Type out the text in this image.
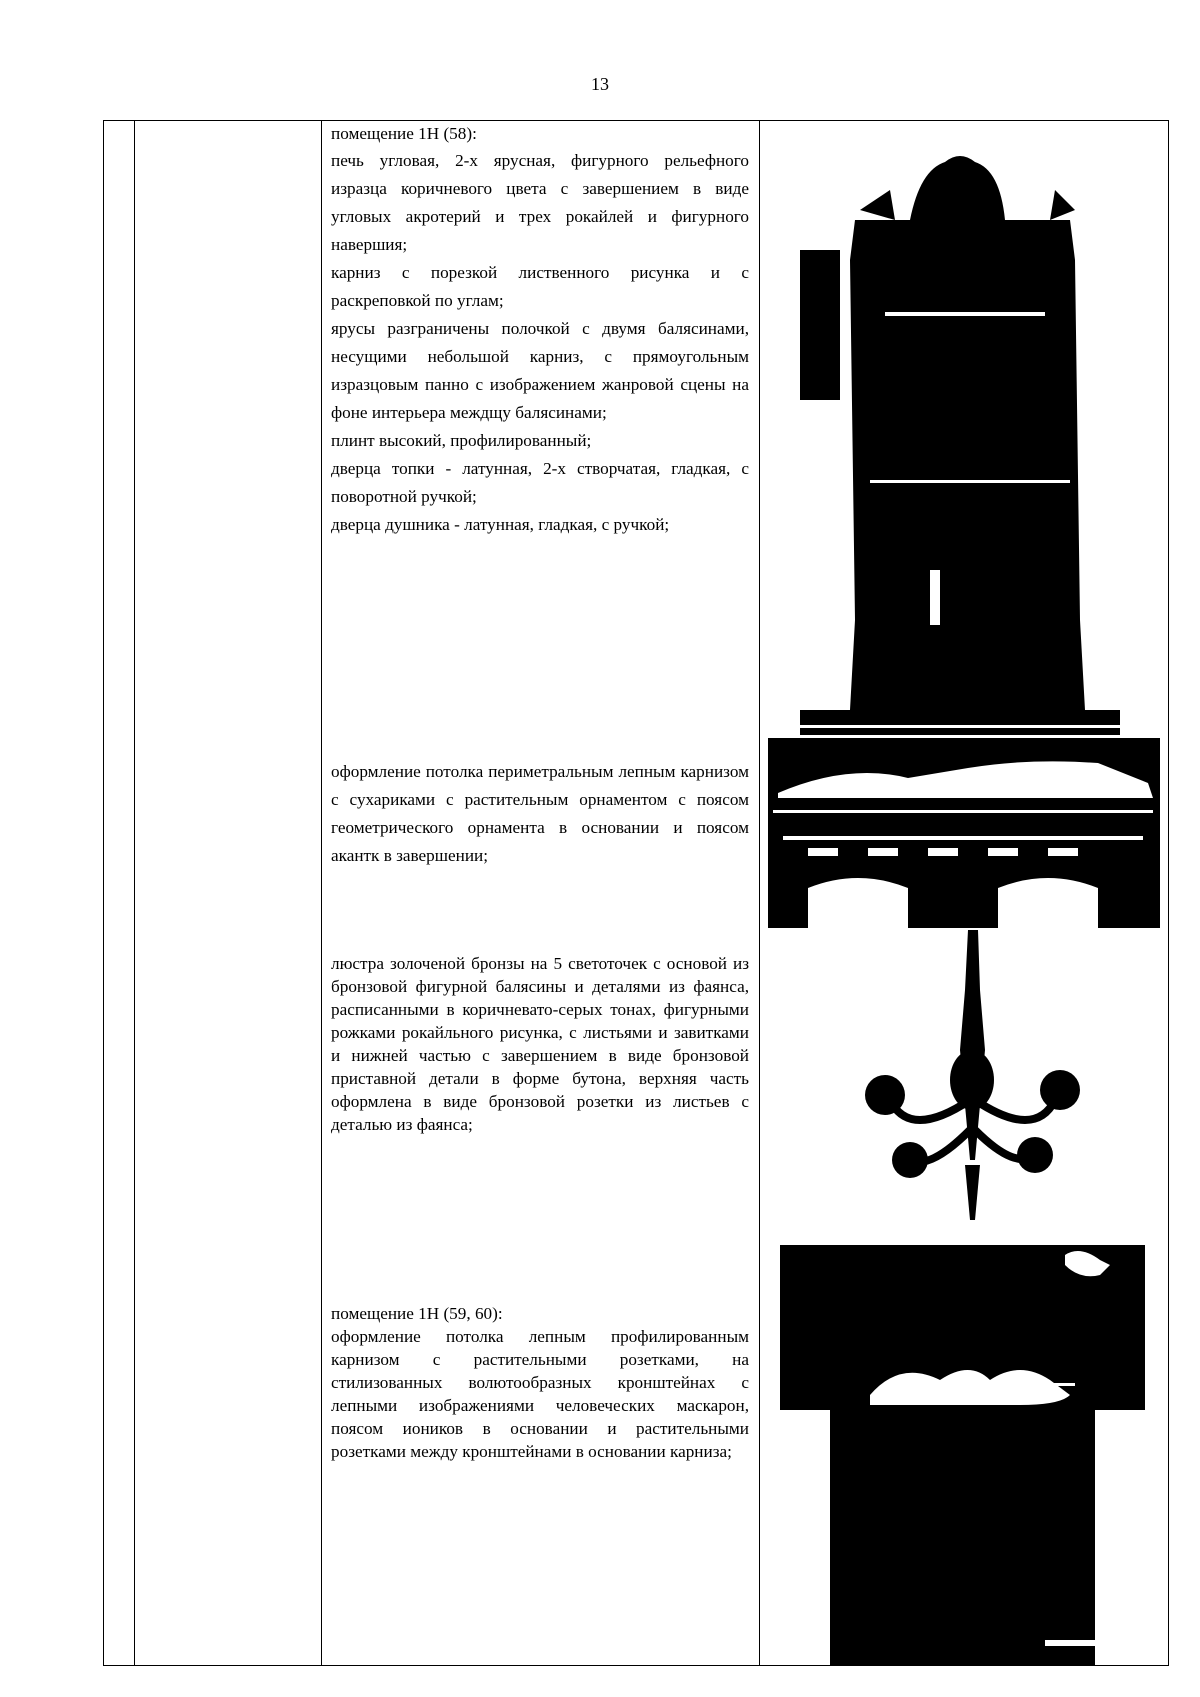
13

помещение 1Н (58):

печь угловая, 2-х ярусная, фигурного рельефного изразца коричневого цвета с завершением в виде угловых акротерий и трех рокайлей и фигурного навершия;

карниз с порезкой лиственного рисунка и с раскреповкой по углам;

ярусы разграничены полочкой с двумя балясинами, несущими небольшой карниз, с прямоугольным изразцовым панно с изображением жанровой сцены на фоне интерьера междщу балясинами;

плинт высокий, профилированный;

дверца топки - латунная, 2-х створчатая, гладкая, с поворотной ручкой;

дверца душника - латунная, гладкая, с ручкой;

оформление потолка периметральным лепным карнизом с сухариками с растительным орнаментом с поясом геометрического орнамента в основании и поясом акантк в завершении;

люстра золоченой бронзы на 5 светоточек с основой из бронзовой фигурной балясины и деталями из фаянса, расписанными в коричневато-серых тонах, фигурными рожками рокайльного рисунка, с листьями и завитками и нижней частью с завершением в виде бронзовой приставной детали в форме бутона, верхняя часть оформлена в виде бронзовой розетки из листьев с деталью из фаянса;

помещение 1Н (59, 60):

оформление потолка лепным профилированным карнизом с растительными розетками, на стилизованных волютообразных кронштейнах с лепными изображениями человеческих маскарон, поясом иоников в основании и растительными розетками между кронштейнами в основании карниза;
